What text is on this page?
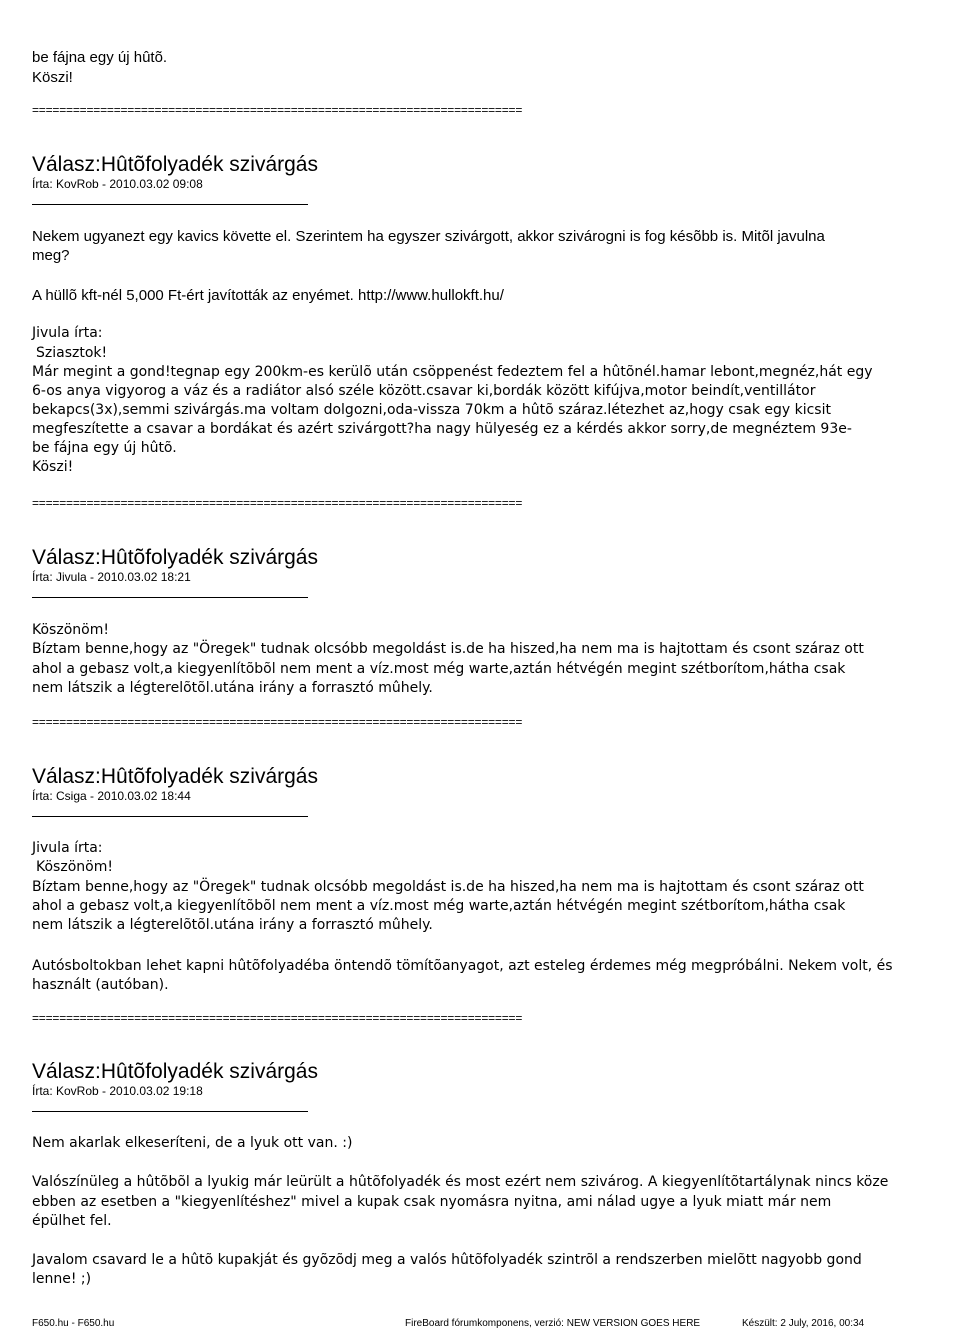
be fájna egy új hûtõ.
Köszi!
========================================================================
Válasz:Hûtõfolyadék szivárgás
Írta: KovRob - 2010.03.02 09:08
Nekem ugyanezt egy kavics követte el. Szerintem ha egyszer szivárgott, akkor szivárogni is fog késõbb is. Mitõl javulna
meg?
A hüllõ kft-nél 5,000 Ft-ért javították az enyémet. http://www.hullokft.hu/
Jivula írta:
Sziasztok!
Már megint a gond!tegnap egy 200km-es kerülõ után csöppenést fedeztem fel a hûtõnél.hamar lebont,megnéz,hát egy
6-os anya vigyorog a váz és a radiátor alsó széle között.csavar ki,bordák között kifújva,motor beindít,ventillátor
bekapcs(3x),semmi szivárgás.ma voltam dolgozni,oda-vissza 70km a hûtõ száraz.létezhet az,hogy csak egy kicsit
megfeszítette a csavar a bordákat és azért szivárgott?ha nagy hülyeség ez a kérdés akkor sorry,de megnéztem 93e-
be fájna egy új hûtõ.
Köszi!
========================================================================
Válasz:Hûtõfolyadék szivárgás
Írta: Jivula - 2010.03.02 18:21
Köszönöm!
Bíztam benne,hogy az "Öregek" tudnak olcsóbb megoldást is.de ha hiszed,ha nem ma is hajtottam és csont száraz ott
ahol a gebasz volt,a kiegyenlítõbõl nem ment a víz.most még warte,aztán hétvégén megint szétborítom,hátha csak
nem látszik a légterelõtõl.utána irány a forrasztó mûhely.
========================================================================
Válasz:Hûtõfolyadék szivárgás
Írta: Csiga - 2010.03.02 18:44
Jivula írta:
Köszönöm!
Bíztam benne,hogy az "Öregek" tudnak olcsóbb megoldást is.de ha hiszed,ha nem ma is hajtottam és csont száraz ott
ahol a gebasz volt,a kiegyenlítõbõl nem ment a víz.most még warte,aztán hétvégén megint szétborítom,hátha csak
nem látszik a légterelõtõl.utána irány a forrasztó mûhely.
Autósboltokban lehet kapni hûtõfolyadéba öntendõ tömítõanyagot, azt esteleg érdemes még megpróbálni. Nekem volt, és
használt (autóban).
========================================================================
Válasz:Hûtõfolyadék szivárgás
Írta: KovRob - 2010.03.02 19:18
Nem akarlak elkeseríteni, de a lyuk ott van. :)
Valószínüleg a hûtõbõl a lyukig már leürült a hûtõfolyadék és most ezért nem szivárog. A kiegyenlítõtartálynak nincs köze
ebben az esetben a "kiegyenlítéshez" mivel a kupak csak nyomásra nyitna, ami nálad ugye a lyuk miatt már nem
épülhet fel.
Javalom csavard le a hûtõ kupakját és gyõzõdj meg a valós hûtõfolyadék szintrõl a rendszerben mielõtt nagyobb gond
lenne! ;)
F650.hu - F650.hu	FireBoard fórumkomponens, verzió: NEW VERSION GOES HERE	Készült: 2 July, 2016, 00:34
